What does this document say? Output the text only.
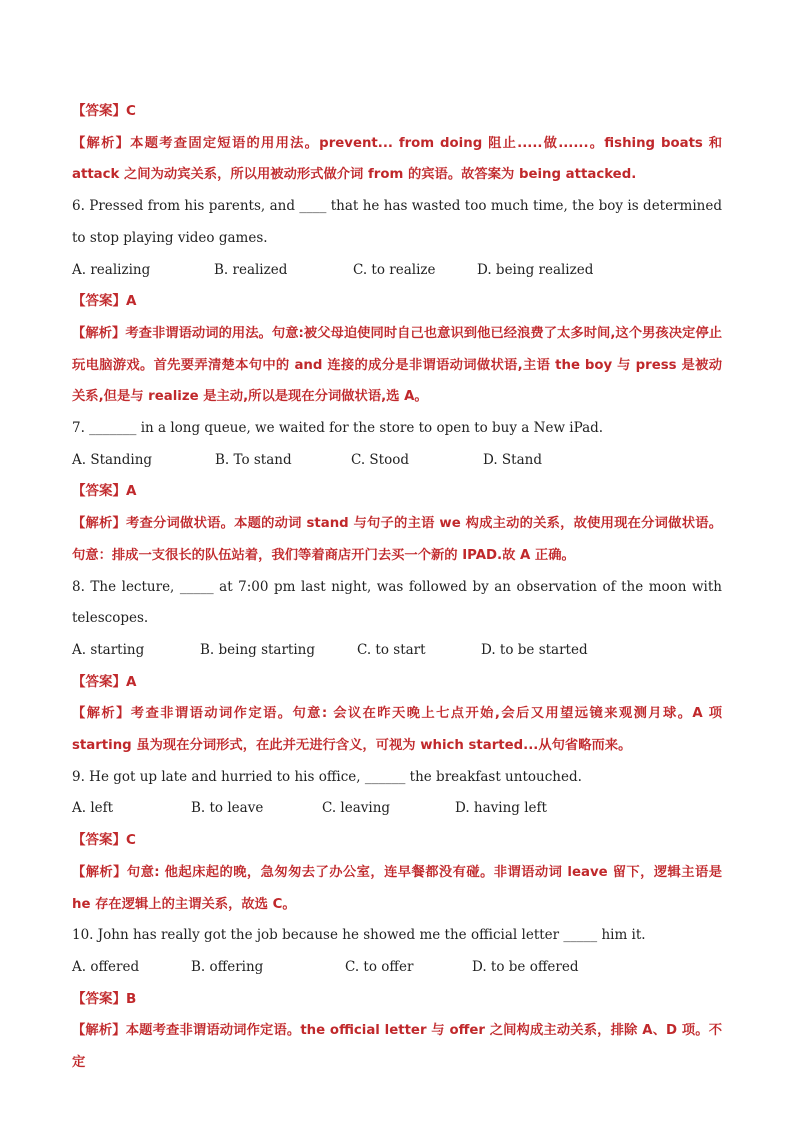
【答案】C

【解析】本题考查固定短语的用用法。prevent... from doing 阻止.....做......。fishing boats 和 attack 之间为动宾关系，所以用被动形式做介词 from 的宾语。故答案为 being attacked.

6. Pressed from his parents, and ____ that he has wasted too much time, the boy is determined to stop playing video games.

A. realizing	B. realized	C. to realize	D. being realized

【答案】A

【解析】考查非谓语动词的用法。句意:被父母迫使同时自己也意识到他已经浪费了太多时间,这个男孩决定停止玩电脑游戏。首先要弄清楚本句中的 and 连接的成分是非谓语动词做状语,主语 the boy 与 press 是被动关系,但是与 realize 是主动,所以是现在分词做状语,选 A。

7. _______ in a long queue, we waited for the store to open to buy a New iPad.

A. Standing	B. To stand	C. Stood	D. Stand

【答案】A

【解析】考查分词做状语。本题的动词 stand 与句子的主语 we 构成主动的关系，故使用现在分词做状语。句意：排成一支很长的队伍站着，我们等着商店开门去买一个新的 IPAD.故 A 正确。

8. The lecture, _____ at 7:00 pm last night, was followed by an observation of the moon with telescopes.

A. starting	B. being starting	C. to start	D. to be started

【答案】A

【解析】考查非谓语动词作定语。句意: 会议在昨天晚上七点开始,会后又用望远镜来观测月球。A 项 starting 虽为现在分词形式，在此并无进行含义，可视为 which started...从句省略而来。

9. He got up late and hurried to his office, ______ the breakfast untouched.

A. left	B. to leave	C. leaving	D. having left

【答案】C

【解析】句意: 他起床起的晚，急匆匆去了办公室，连早餐都没有碰。非谓语动词 leave 留下，逻辑主语是 he 存在逻辑上的主谓关系，故选 C。

10. John has really got the job because he showed me the official letter _____ him it.

A. offered	B. offering	C. to offer	D. to be offered

【答案】B

【解析】本题考查非谓语动词作定语。the official letter 与 offer 之间构成主动关系，排除 A、D 项。不定
